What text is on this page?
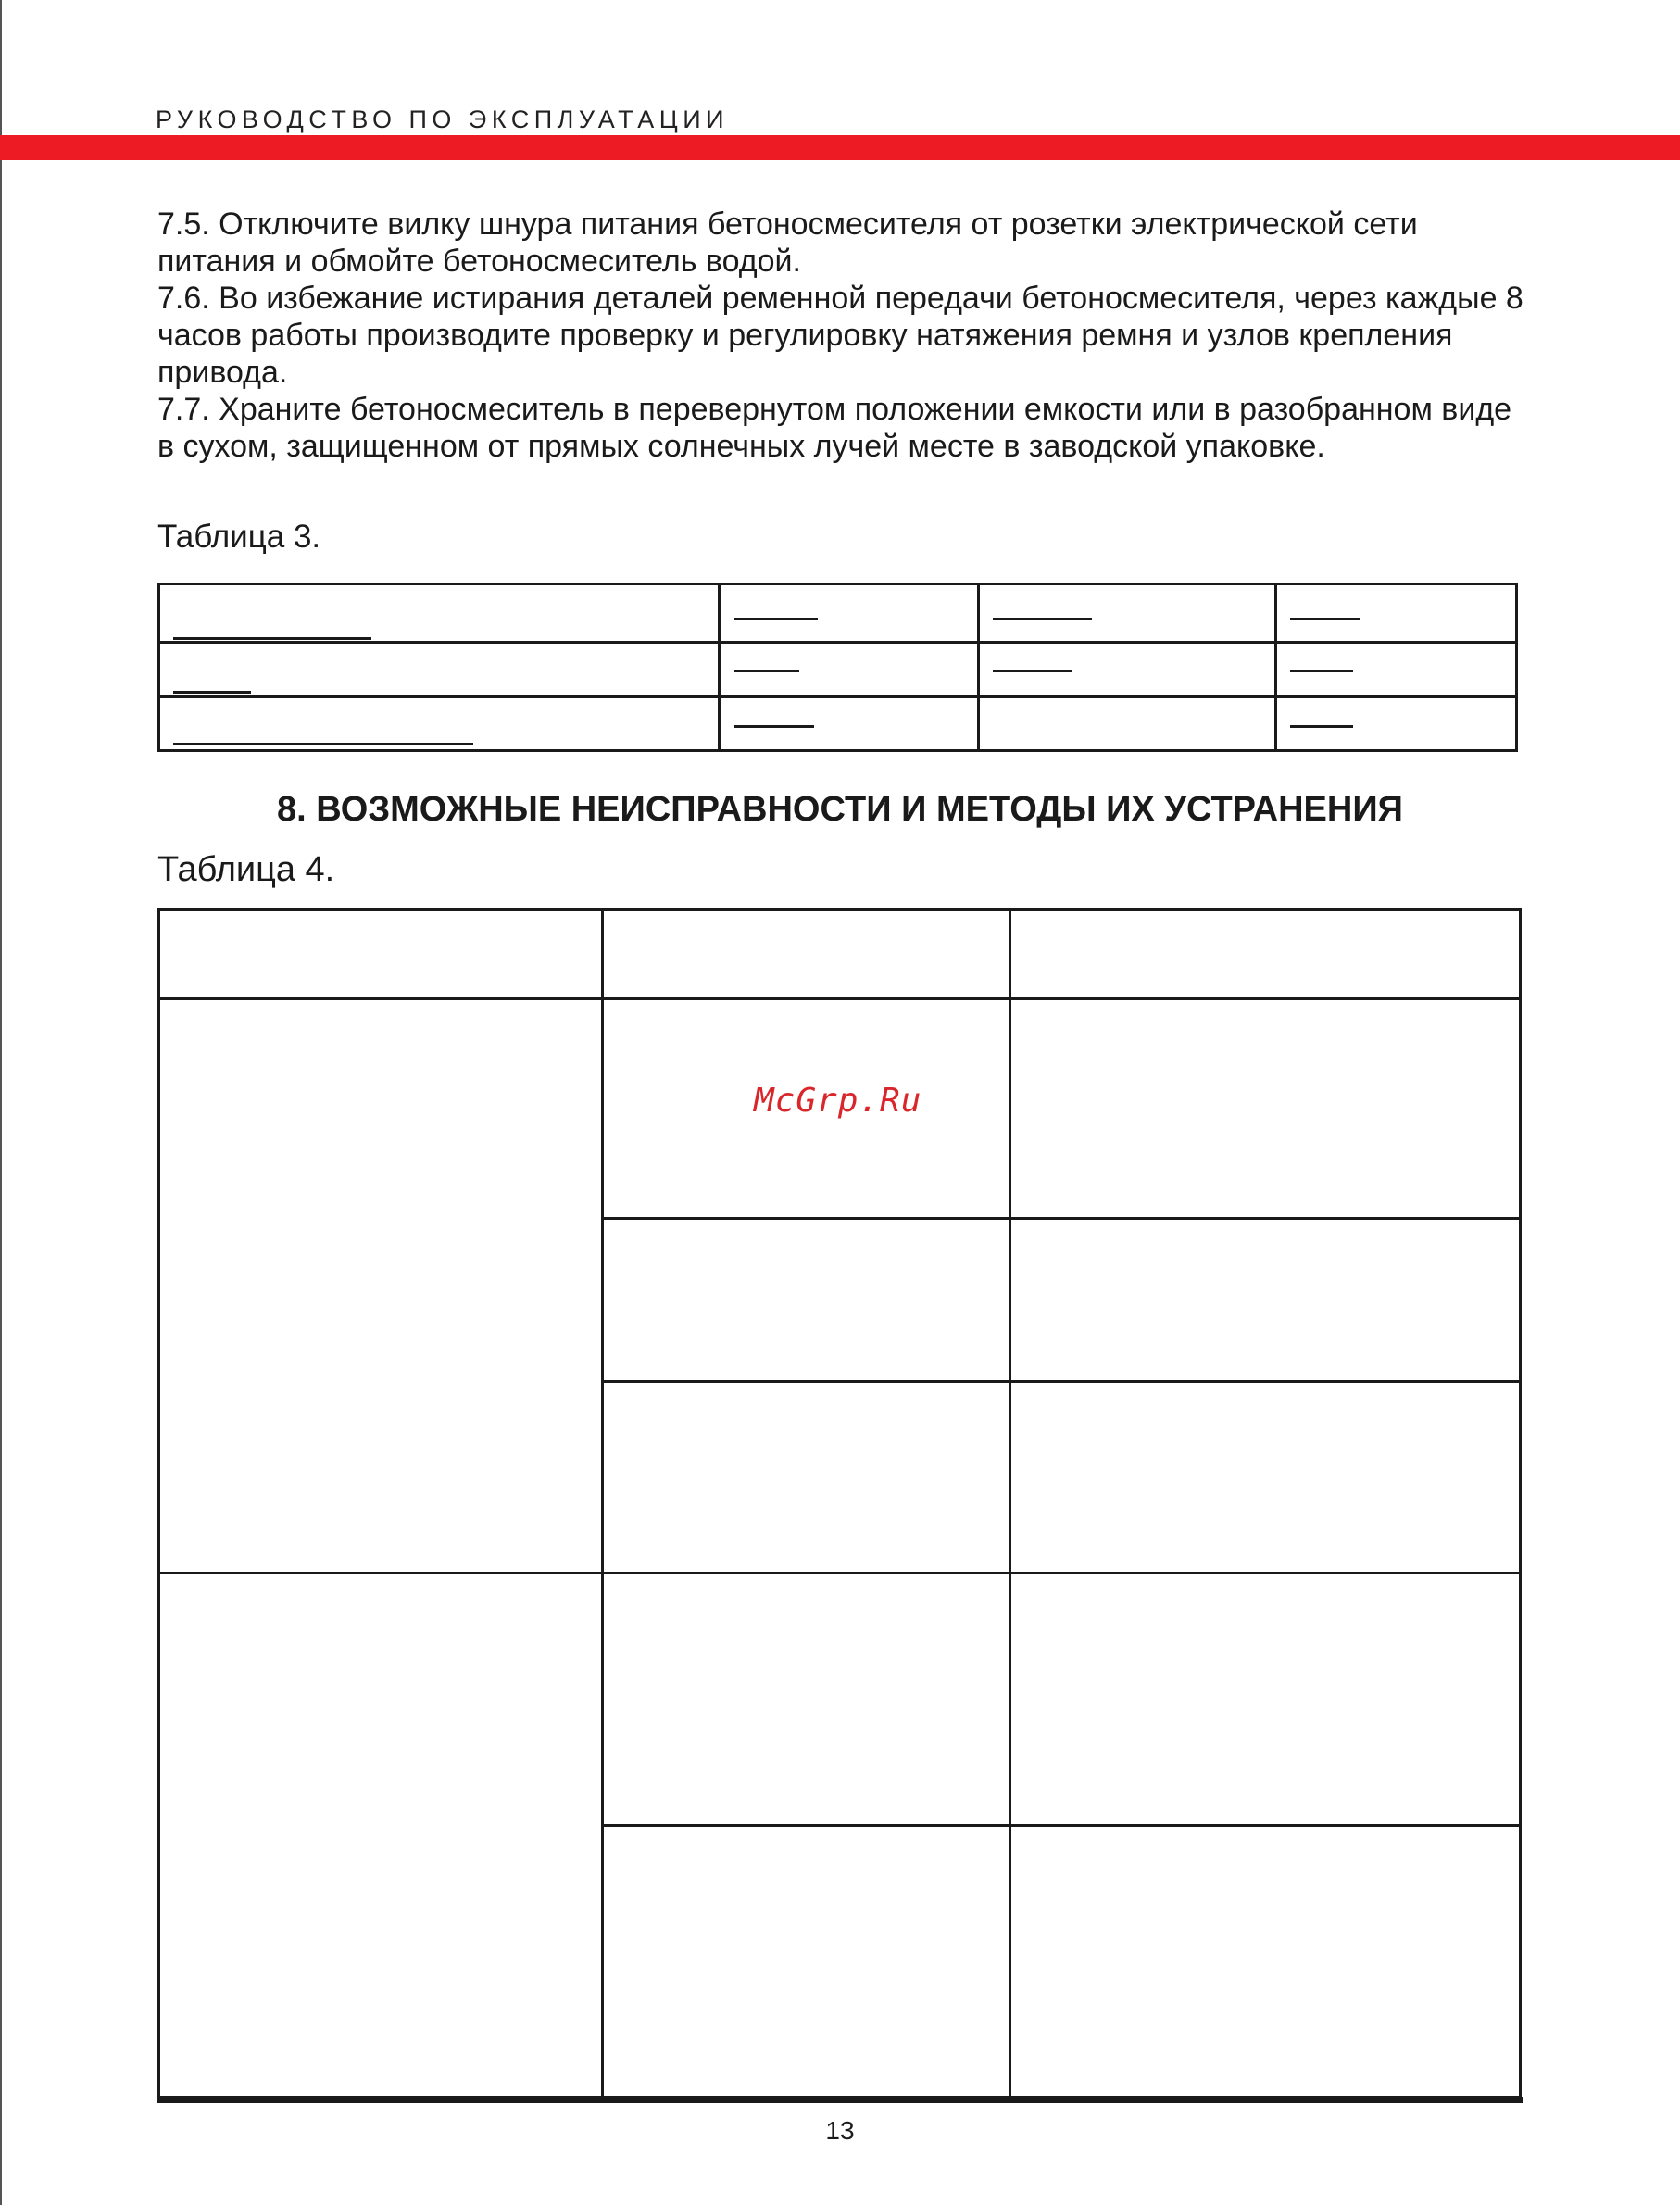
РУКОВОДСТВО ПО ЭКСПЛУАТАЦИИ

7.5. Отключите вилку шнура питания бетоносмесителя от розетки электрической сети питания и обмойте бетоносмеситель водой.

7.6. Во избежание истирания деталей ременной передачи бетоносмесителя, через каждые 8 часов работы производите проверку и регулировку натяжения ремня и узлов крепления привода.

7.7. Храните бетоносмеситель в перевернутом положении емкости или в разобранном виде в сухом, защищенном от прямых солнечных лучей месте в заводской упаковке.

Таблица 3.
8. ВОЗМОЖНЫЕ НЕИСПРАВНОСТИ И МЕТОДЫ ИХ УСТРАНЕНИЯ
Таблица 4.
McGrp.Ru
13
